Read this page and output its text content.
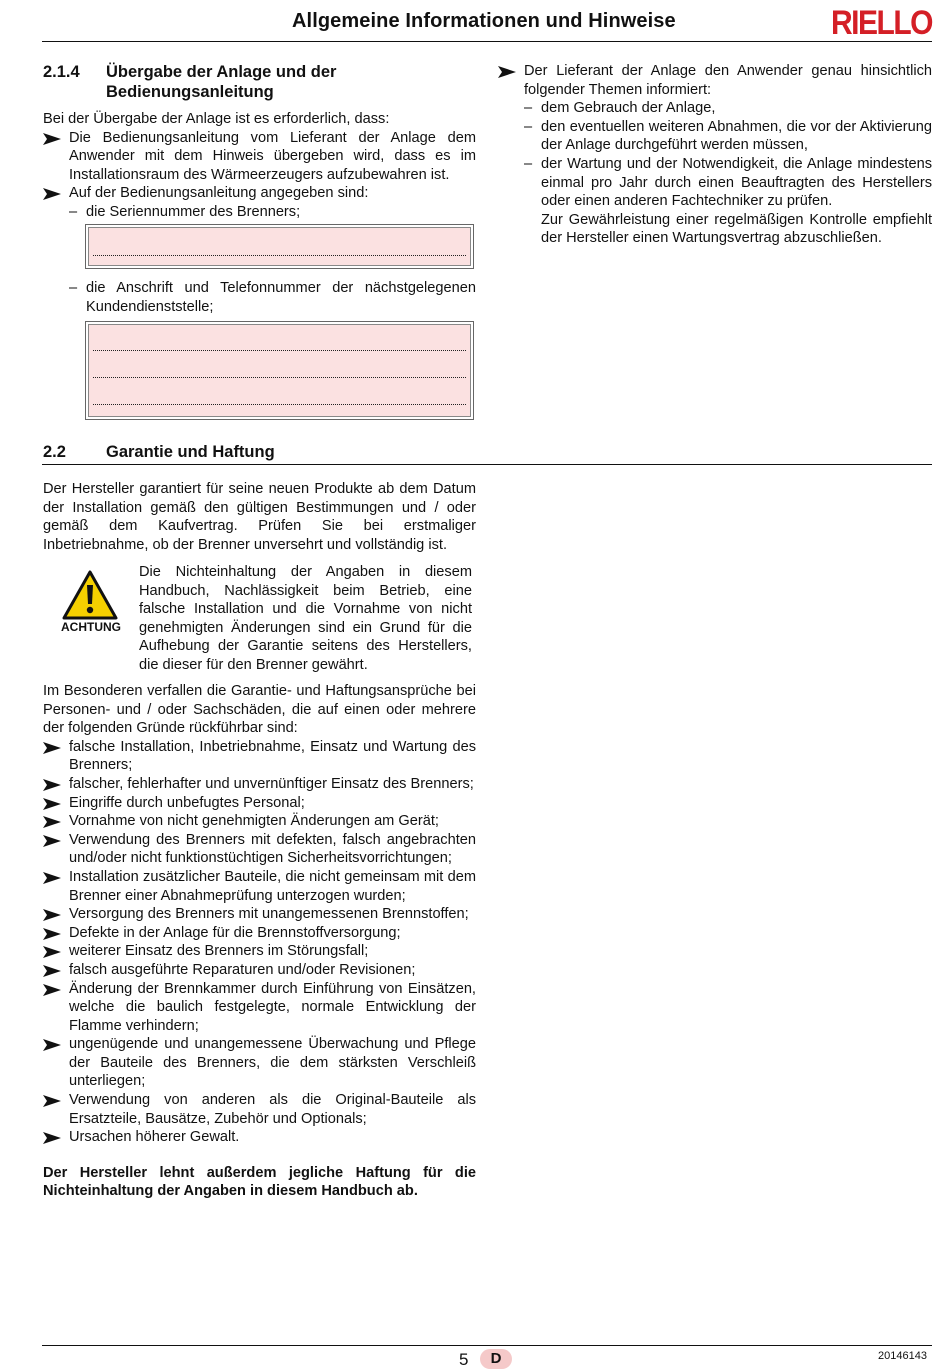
Allgemeine Informationen und Hinweise	RIELLO
2.1.4	Übergabe der Anlage und der
Bedienungsanleitung
Bei der Übergabe der Anlage ist es erforderlich, dass:
Die Bedienungsanleitung vom Lieferant der Anlage dem Anwender mit dem Hinweis übergeben wird, dass es im Installationsraum des Wärmeerzeugers aufzubewahren ist.
Auf der Bedienungsanleitung angegeben sind:
– die Seriennummer des Brenners;
– die Anschrift und Telefonnummer der nächstgelegenen Kundendienststelle;
Der Lieferant der Anlage den Anwender genau hinsichtlich folgender Themen informiert:
– dem Gebrauch der Anlage,
– den eventuellen weiteren Abnahmen, die vor der Aktivierung der Anlage durchgeführt werden müssen,
– der Wartung und der Notwendigkeit, die Anlage mindestens einmal pro Jahr durch einen Beauftragten des Herstellers oder einen anderen Fachtechniker zu prüfen.
Zur Gewährleistung einer regelmäßigen Kontrolle empfiehlt der Hersteller einen Wartungsvertrag abzuschließen.
2.2	Garantie und Haftung
Der Hersteller garantiert für seine neuen Produkte ab dem Datum der Installation gemäß den gültigen Bestimmungen und / oder gemäß dem Kaufvertrag. Prüfen Sie bei erstmaliger Inbetriebnahme, ob der Brenner unversehrt und vollständig ist.
ACHTUNG
Die Nichteinhaltung der Angaben in diesem Handbuch, Nachlässigkeit beim Betrieb, eine falsche Installation und die Vornahme von nicht genehmigten Änderungen sind ein Grund für die Aufhebung der Garantie seitens des Herstellers, die dieser für den Brenner gewährt.
Im Besonderen verfallen die Garantie- und Haftungsansprüche bei Personen- und / oder Sachschäden, die auf einen oder mehrere der folgenden Gründe rückführbar sind:
falsche Installation, Inbetriebnahme, Einsatz und Wartung des Brenners;
falscher, fehlerhafter und unvernünftiger Einsatz des Brenners;
Eingriffe durch unbefugtes Personal;
Vornahme von nicht genehmigten Änderungen am Gerät;
Verwendung des Brenners mit defekten, falsch angebrachten und/oder nicht funktionstüchtigen Sicherheitsvorrichtungen;
Installation zusätzlicher Bauteile, die nicht gemeinsam mit dem Brenner einer Abnahmeprüfung unterzogen wurden;
Versorgung des Brenners mit unangemessenen Brennstoffen;
Defekte in der Anlage für die Brennstoffversorgung;
weiterer Einsatz des Brenners im Störungsfall;
falsch ausgeführte Reparaturen und/oder Revisionen;
Änderung der Brennkammer durch Einführung von Einsätzen, welche die baulich festgelegte, normale Entwicklung der Flamme verhindern;
ungenügende und unangemessene Überwachung und Pflege der Bauteile des Brenners, die dem stärksten Verschleiß unterliegen;
Verwendung von anderen als die Original-Bauteile als Ersatzteile, Bausätze, Zubehör und Optionals;
Ursachen höherer Gewalt.
Der Hersteller lehnt außerdem jegliche Haftung für die Nichteinhaltung der Angaben in diesem Handbuch ab.
5	D	20146143
